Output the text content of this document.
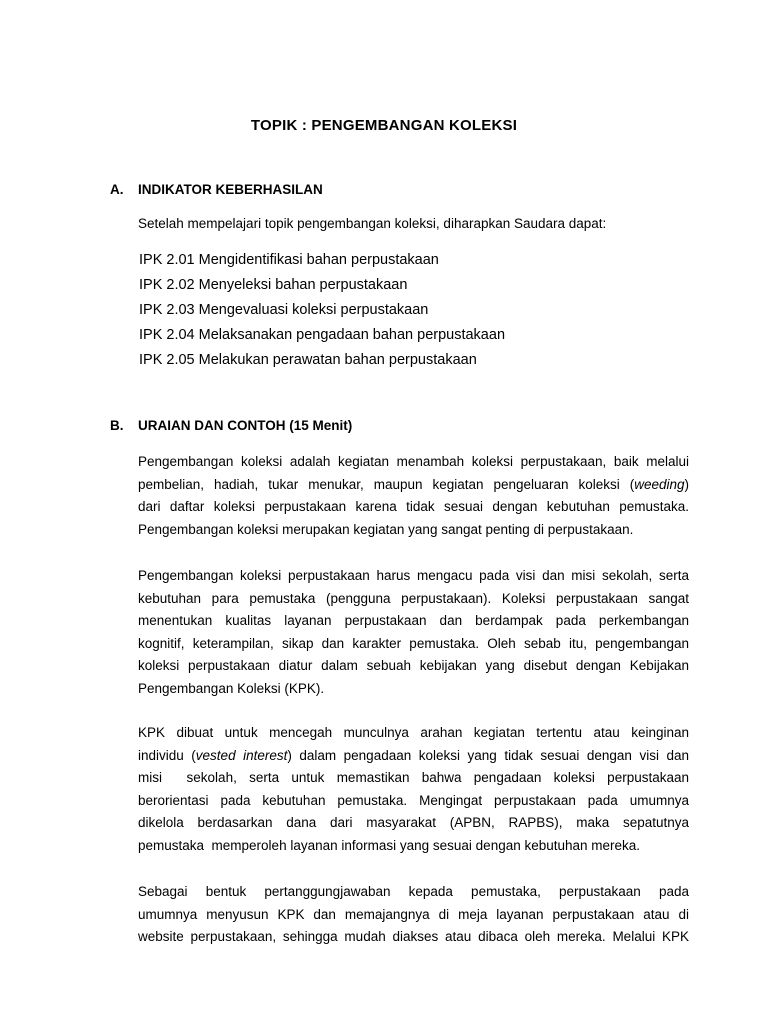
TOPIK : PENGEMBANGAN KOLEKSI
A. INDIKATOR KEBERHASILAN
Setelah mempelajari topik pengembangan koleksi, diharapkan Saudara dapat:
IPK 2.01 Mengidentifikasi bahan perpustakaan
IPK 2.02 Menyeleksi bahan perpustakaan
IPK 2.03 Mengevaluasi koleksi perpustakaan
IPK 2.04 Melaksanakan pengadaan bahan perpustakaan
IPK 2.05 Melakukan perawatan bahan perpustakaan
B. URAIAN DAN CONTOH (15 Menit)

Pengembangan koleksi adalah kegiatan menambah koleksi perpustakaan, baik melalui
pembelian, hadiah, tukar menukar, maupun kegiatan pengeluaran koleksi (weeding)
dari daftar koleksi perpustakaan karena tidak sesuai dengan kebutuhan pemustaka.
Pengembangan koleksi merupakan kegiatan yang sangat penting di perpustakaan.

Pengembangan koleksi perpustakaan harus mengacu pada visi dan misi sekolah, serta
kebutuhan para pemustaka (pengguna perpustakaan). Koleksi perpustakaan sangat
menentukan kualitas layanan perpustakaan dan berdampak pada perkembangan
kognitif, keterampilan, sikap dan karakter pemustaka. Oleh sebab itu, pengembangan
koleksi perpustakaan diatur dalam sebuah kebijakan yang disebut dengan Kebijakan
Pengembangan Koleksi (KPK).

KPK dibuat untuk mencegah munculnya arahan kegiatan tertentu atau keinginan
individu (vested interest) dalam pengadaan koleksi yang tidak sesuai dengan visi dan
misi  sekolah, serta untuk memastikan bahwa pengadaan koleksi perpustakaan
berorientasi pada kebutuhan pemustaka. Mengingat perpustakaan pada umumnya
dikelola berdasarkan dana dari masyarakat (APBN, RAPBS), maka sepatutnya
pemustaka  memperoleh layanan informasi yang sesuai dengan kebutuhan mereka.

Sebagai bentuk pertanggungjawaban kepada pemustaka, perpustakaan pada
umumnya menyusun KPK dan memajangnya di meja layanan perpustakaan atau di
website perpustakaan, sehingga mudah diakses atau dibaca oleh mereka. Melalui KPK
